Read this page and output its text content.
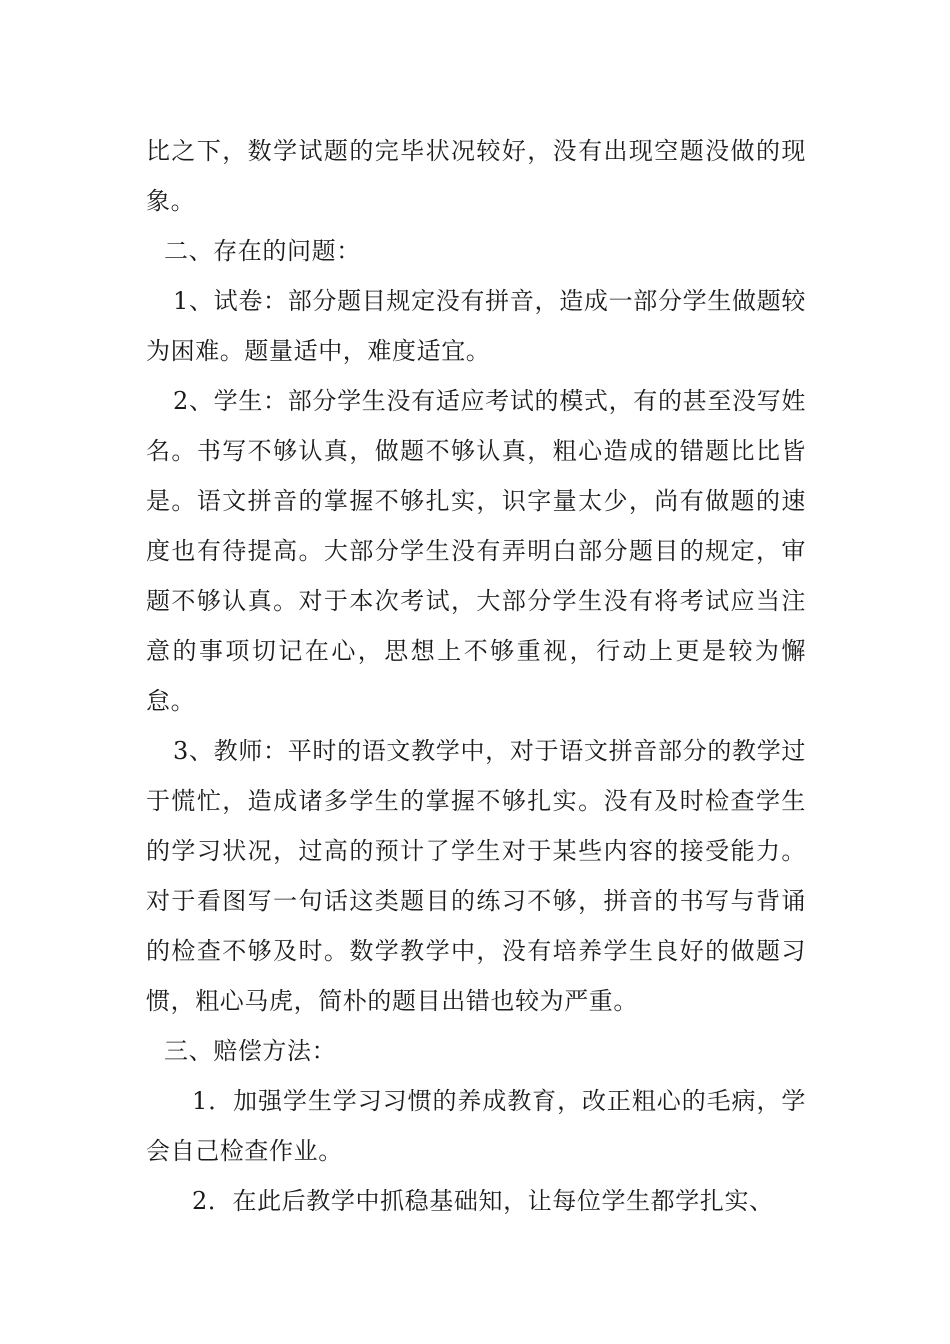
比之下，数学试题的完毕状况较好，没有出现空题没做的现象。

二、存在的问题：

1、试卷：部分题目规定没有拼音，造成一部分学生做题较为困难。题量适中，难度适宜。

2、学生：部分学生没有适应考试的模式，有的甚至没写姓名。书写不够认真，做题不够认真，粗心造成的错题比比皆是。语文拼音的掌握不够扎实，识字量太少，尚有做题的速度也有待提高。大部分学生没有弄明白部分题目的规定，审题不够认真。对于本次考试，大部分学生没有将考试应当注意的事项切记在心，思想上不够重视，行动上更是较为懈怠。

3、教师：平时的语文教学中，对于语文拼音部分的教学过于慌忙，造成诸多学生的掌握不够扎实。没有及时检查学生的学习状况，过高的预计了学生对于某些内容的接受能力。对于看图写一句话这类题目的练习不够，拼音的书写与背诵的检查不够及时。数学教学中，没有培养学生良好的做题习惯，粗心马虎，简朴的题目出错也较为严重。

三、赔偿方法：

1．加强学生学习习惯的养成教育，改正粗心的毛病，学会自己检查作业。

2．在此后教学中抓稳基础知，让每位学生都学扎实、
